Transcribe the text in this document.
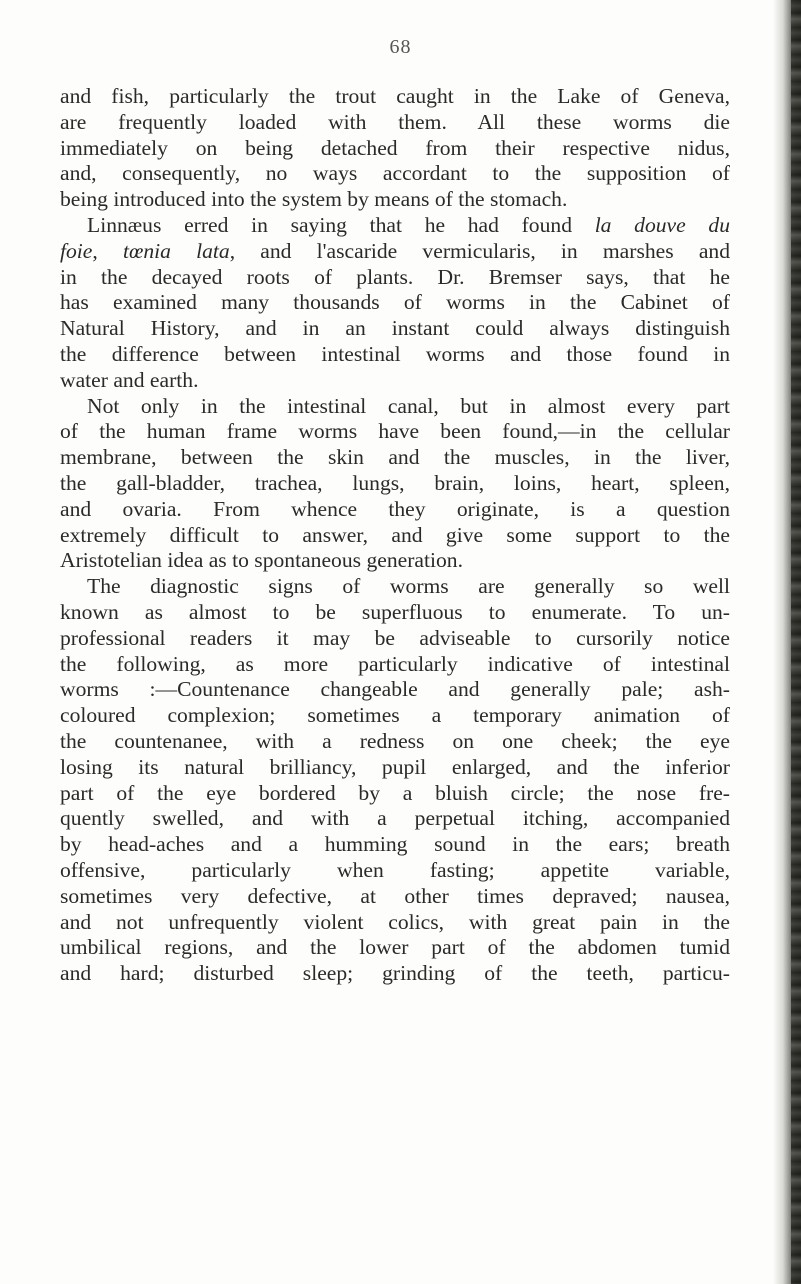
68
and fish, particularly the trout caught in the Lake of Geneva,
are frequently loaded with them. All these worms die
immediately on being detached from their respective nidus,
and, consequently, no ways accordant to the supposition of
being introduced into the system by means of the stomach.
Linnæus erred in saying that he had found la douve du
foie, tœnia lata, and l'ascaride vermicularis, in marshes and
in the decayed roots of plants. Dr. Bremser says, that he
has examined many thousands of worms in the Cabinet of
Natural History, and in an instant could always distinguish
the difference between intestinal worms and those found in
water and earth.
Not only in the intestinal canal, but in almost every part
of the human frame worms have been found,—in the cellular
membrane, between the skin and the muscles, in the liver,
the gall-bladder, trachea, lungs, brain, loins, heart, spleen,
and ovaria. From whence they originate, is a question
extremely difficult to answer, and give some support to the
Aristotelian idea as to spontaneous generation.
The diagnostic signs of worms are generally so well
known as almost to be superfluous to enumerate. To un-
professional readers it may be adviseable to cursorily notice
the following, as more particularly indicative of intestinal
worms :—Countenance changeable and generally pale; ash-
coloured complexion; sometimes a temporary animation of
the countenanee, with a redness on one cheek; the eye
losing its natural brilliancy, pupil enlarged, and the inferior
part of the eye bordered by a bluish circle; the nose fre-
quently swelled, and with a perpetual itching, accompanied
by head-aches and a humming sound in the ears; breath
offensive, particularly when fasting; appetite variable,
sometimes very defective, at other times depraved; nausea,
and not unfrequently violent colics, with great pain in the
umbilical regions, and the lower part of the abdomen tumid
and hard; disturbed sleep; grinding of the teeth, particu-
